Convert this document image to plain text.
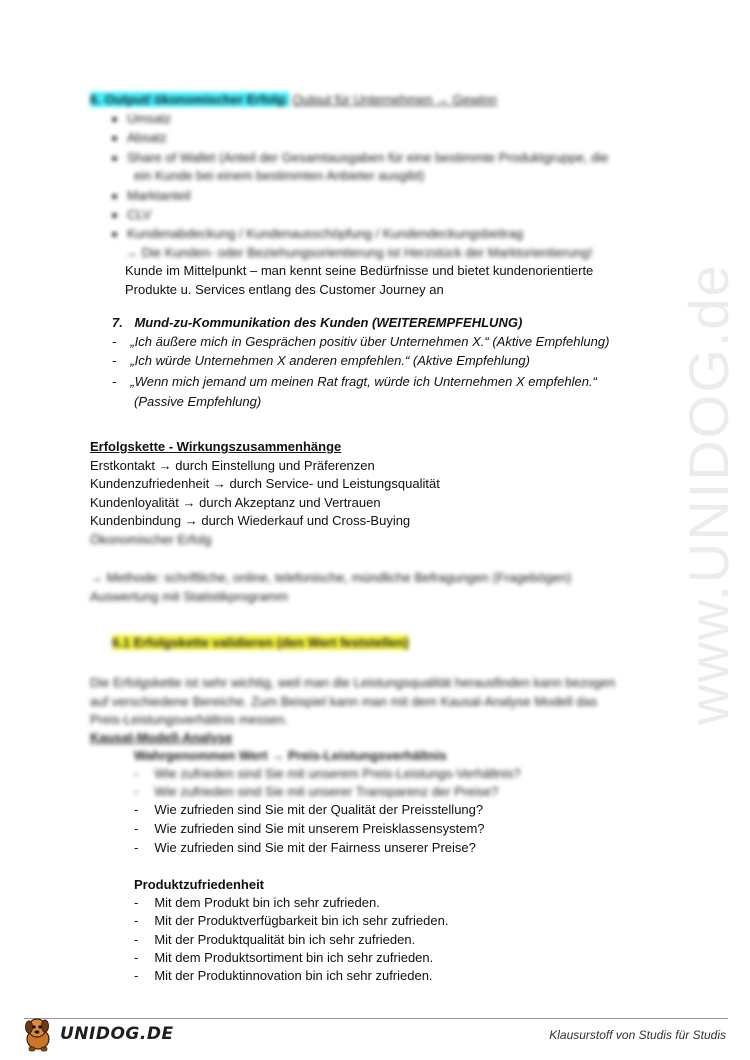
www.UNIDOG.de
6. Output/ ökonomischer Erfolg: Output für Unternehmen → Gewinn
Umsatz
Absatz
Share of Wallet (Anteil der Gesamtausgaben für eine bestimmte Produktgruppe, die
ein Kunde bei einem bestimmten Anbieter ausgibt)
Marktanteil
CLV
Kundenabdeckung / Kundenausschöpfung / Kundendeckungsbeitrag
→ Die Kunden- oder Beziehungsorientierung ist Herzstück der Marktorientierung!
Kunde im Mittelpunkt – man kennt seine Bedürfnisse und bietet kundenorientierte
Produkte u. Services entlang des Customer Journey an
7. Mund-zu-Kommunikation des Kunden (WEITEREMPFEHLUNG)
- „Ich äußere mich in Gesprächen positiv über Unternehmen X.“ (Aktive Empfehlung)
- „Ich würde Unternehmen X anderen empfehlen.“ (Aktive Empfehlung)
- „Wenn mich jemand um meinen Rat fragt, würde ich Unternehmen X empfehlen.“
(Passive Empfehlung)
Erfolgskette - Wirkungszusammenhänge
Erstkontakt → durch Einstellung und Präferenzen
Kundenzufriedenheit → durch Service- und Leistungsqualität
Kundenloyalität → durch Akzeptanz und Vertrauen
Kundenbindung → durch Wiederkauf und Cross-Buying
Ökonomischer Erfolg
→ Methode: schriftliche, online, telefonische, mündliche Befragungen (Fragebögen)
Auswertung mit Statistikprogramm
6.1 Erfolgskette validieren (den Wert feststellen)
Die Erfolgskette ist sehr wichtig, weil man die Leistungsqualität herausfinden kann bezogen
auf verschiedene Bereiche. Zum Beispiel kann man mit dem Kausal-Analyse Modell das
Preis-Leistungsverhältnis messen.
Kausal-Modell-Analyse
Wahrgenommen Wert → Preis-Leistungsverhältnis
- Wie zufrieden sind Sie mit unserem Preis-Leistungs-Verhältnis?
- Wie zufrieden sind Sie mit unserer Transparenz der Preise?
- Wie zufrieden sind Sie mit der Qualität der Preisstellung?
- Wie zufrieden sind Sie mit unserem Preisklassensystem?
- Wie zufrieden sind Sie mit der Fairness unserer Preise?
Produktzufriedenheit
- Mit dem Produkt bin ich sehr zufrieden.
- Mit der Produktverfügbarkeit bin ich sehr zufrieden.
- Mit der Produktqualität bin ich sehr zufrieden.
- Mit dem Produktsortiment bin ich sehr zufrieden.
- Mit der Produktinnovation bin ich sehr zufrieden.
UNIDOG.DE	Klausurstoff von Studis für Studis
